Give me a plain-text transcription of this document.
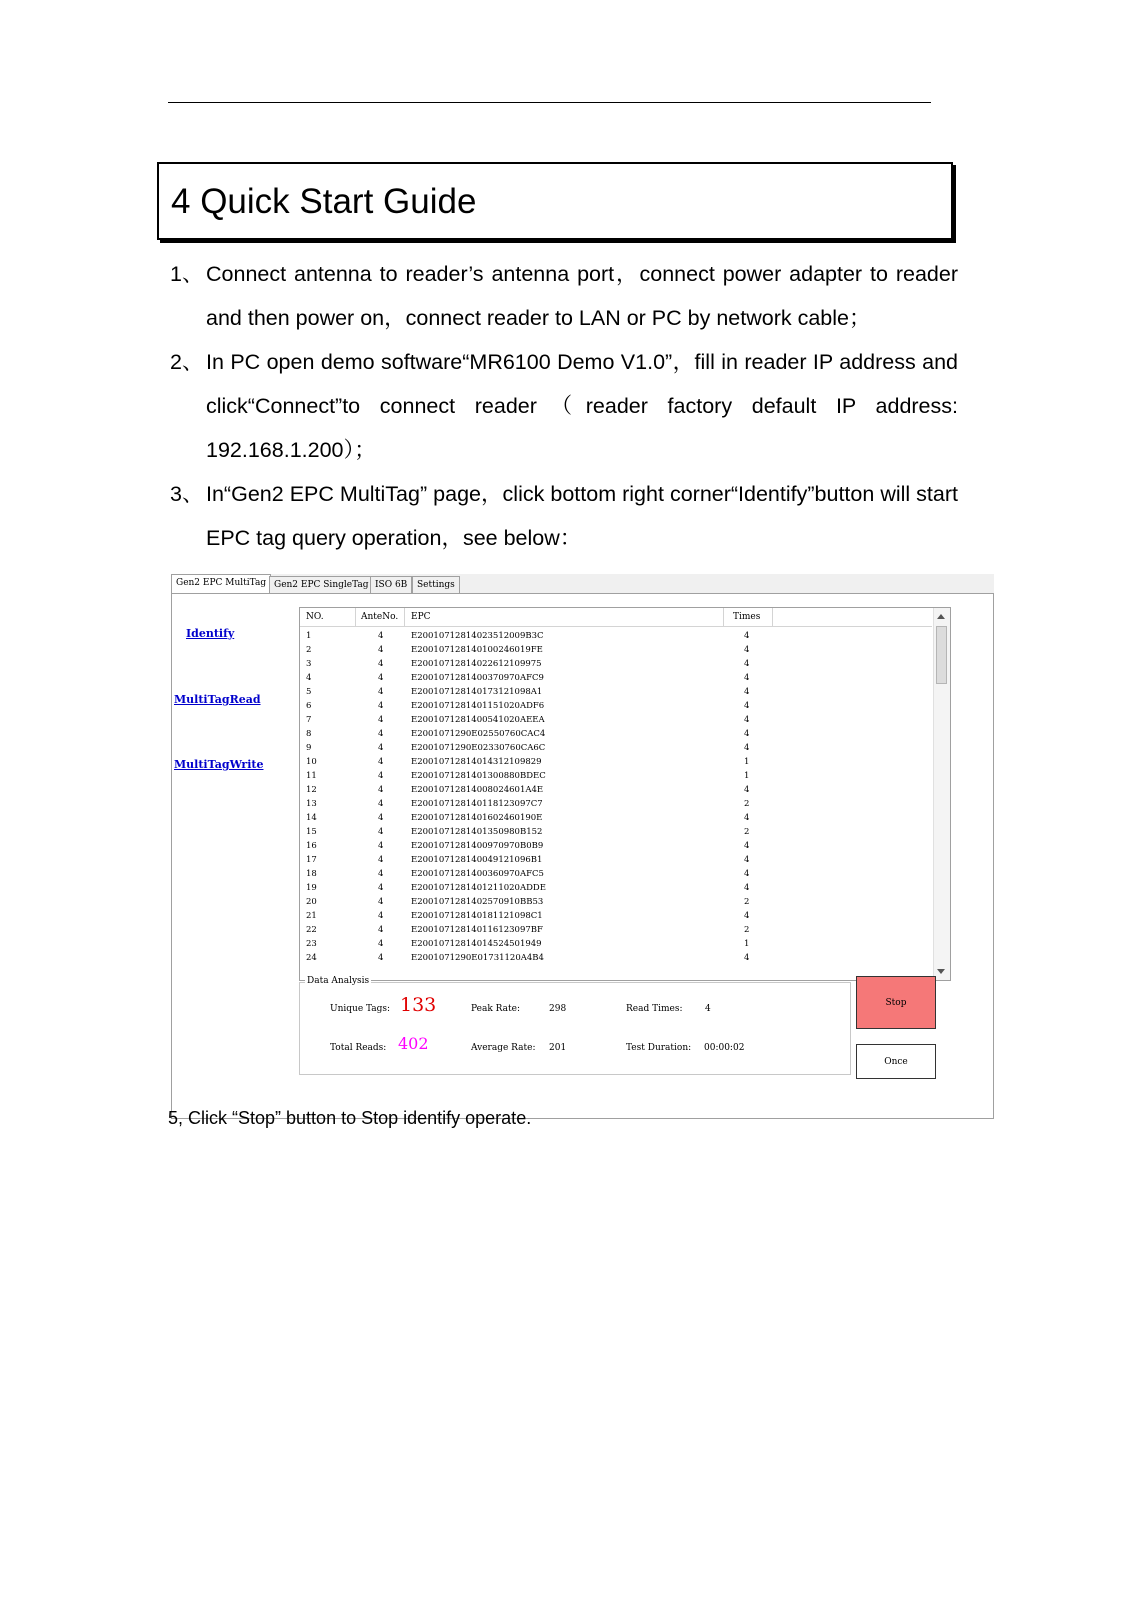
4 Quick Start Guide
1、 Connect antenna to reader’s antenna port，connect power adapter to reader and then power on，connect reader to LAN or PC by network cable；
2、 In PC open demo software“MR6100 Demo V1.0”，fill in reader IP address and click“Connect”to connect reader（reader factory default IP address: 192.168.1.200）；
3、 In“Gen2 EPC MultiTag” page，click bottom right corner“Identify”button will start EPC tag query operation，see below：
Gen2 EPC MultiTag Gen2 EPC SingleTag ISO 6B	Settings
Identify
MultiTagRead
MultiTagWrite
NO.	AnteNo. EPC	Times
1	4	E20010712814023512009B3C	4
2	4	E200107128140100246019FE	4
3	4	E20010712814022612109975	4
4	4	E2001071281400370970AFC9	4
5	4	E200107128140173121098A1	4
6	4	E2001071281401151020ADF6	4
7	4	E2001071281400541020AEEA	4
8	4	E2001071290E02550760CAC4	4
9	4	E2001071290E02330760CA6C	4
10	4	E20010712814014312109829	1
11	4	E2001071281401300880BDEC	1
12	4	E20010712814008024601A4E	4
13	4	E200107128140118123097C7	2
14	4	E2001071281401602460190E	4
15	4	E2001071281401350980B152	2
16	4	E2001071281400970970B0B9	4
17	4	E200107128140049121096B1	4
18	4	E2001071281400360970AFC5	4
19	4	E2001071281401211020ADDE	4
20	4	E2001071281402570910BB53	2
21	4	E200107128140181121098C1	4
22	4	E200107128140116123097BF	2
23	4	E20010712814014524501949	1
24	4	E2001071290E01731120A4B4	4
Data Analysis
Unique Tags: 133
Total Reads: 402
Peak Rate:	298
Average Rate: 201
Read Times:	4
Test Duration: 00:00:02
Stop
Once
5, Click “Stop” button to Stop identify operate.
